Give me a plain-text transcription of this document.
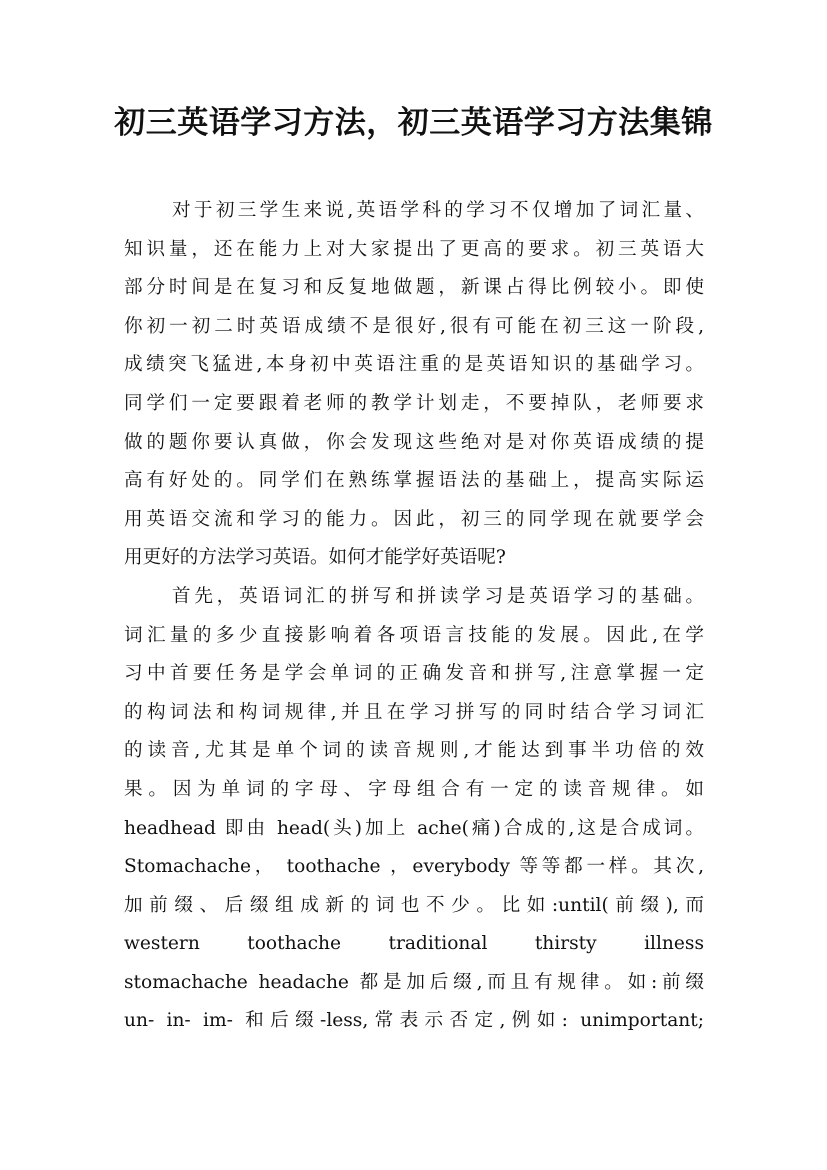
初三英语学习方法，初三英语学习方法集锦
对于初三学生来说,英语学科的学习不仅增加了词汇量、
知识量，还在能力上对大家提出了更高的要求。初三英语大
部分时间是在复习和反复地做题，新课占得比例较小。即使
你初一初二时英语成绩不是很好,很有可能在初三这一阶段,
成绩突飞猛进,本身初中英语注重的是英语知识的基础学习。
同学们一定要跟着老师的教学计划走，不要掉队，老师要求
做的题你要认真做，你会发现这些绝对是对你英语成绩的提
高有好处的。同学们在熟练掌握语法的基础上，提高实际运
用英语交流和学习的能力。因此，初三的同学现在就要学会
用更好的方法学习英语。如何才能学好英语呢?
首先，英语词汇的拼写和拼读学习是英语学习的基础。
词汇量的多少直接影响着各项语言技能的发展。因此,在学
习中首要任务是学会单词的正确发音和拼写,注意掌握一定
的构词法和构词规律,并且在学习拼写的同时结合学习词汇
的读音,尤其是单个词的读音规则,才能达到事半功倍的效
果。因为单词的字母、字母组合有一定的读音规律。如
headhead 即由 head(头)加上 ache(痛)合成的,这是合成词。
Stomachache， toothache ，everybody 等等都一样。其次,
加前缀、后缀组成新的词也不少。比如:until(前缀),而
western toothache traditional thirsty illness
stomachache headache 都是加后缀,而且有规律。如:前缀
un- in- im- 和后缀-less,常表示否定,例如: unimportant;
